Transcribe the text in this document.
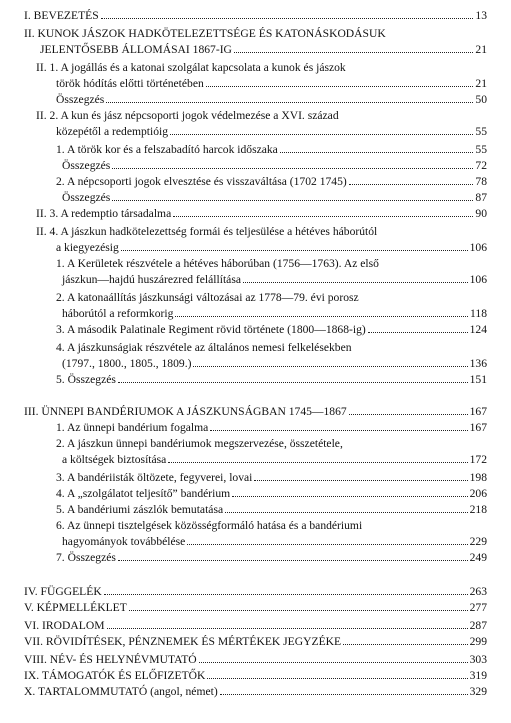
I. BEVEZETÉS	13
II. KUNOK JÁSZOK HADKÖTELEZETTSÉGE ÉS KATONÁSKODÁSUK
JELENTŐSEBB ÁLLOMÁSAI 1867-IG	21
II. 1. A jogállás és a katonai szolgálat kapcsolata a kunok és jászok
török hódítás előtti történetében	21
Összegzés	50
II. 2. A kun és jász népcsoporti jogok védelmezése a XVI. század
közepétől a redemptióig	55
1. A török kor és a felszabadító harcok időszaka	55
Összegzés	72
2. A népcsoporti jogok elvesztése és visszaváltása (1702 1745)	78
Összegzés	87
II. 3. A redemptio társadalma	90
II. 4. A jászkun hadkötelezettség formái és teljesülése a hétéves háborútól
a kiegyezésig	106
1. A Kerületek részvétele a hétéves háborúban (1756—1763). Az első
jászkun—hajdú huszárezred felállítása	106
2. A katonaállítás jászkunsági változásai az 1778—79. évi porosz
háborútól a reformkorig	118
3. A második Palatinale Regiment rövid története (1800—1868-ig)	124
4. A jászkunságiak részvétele az általános nemesi felkelésekben
(1797., 1800., 1805., 1809.)	136
5. Összegzés	151
III. ÜNNEPI BANDÉRIUMOK A JÁSZKUNSÁGBAN 1745—1867	167
1. Az ünnepi bandérium fogalma	167
2. A jászkun ünnepi bandériumok megszervezése, összetétele,
a költségek biztosítása	172
3. A bandériisták öltözete, fegyverei, lovai	198
4. A „szolgálatot teljesítő” bandérium	206
5. A bandériumi zászlók bemutatása	218
6. Az ünnepi tisztelgések közösségformáló hatása és a bandériumi
hagyományok továbbélése	229
7. Összegzés	249
IV. FÜGGELÉK	263
V. KÉPMELLÉKLET	277
VI. IRODALOM	287
VII. RÖVIDÍTÉSEK, PÉNZNEMEK ÉS MÉRTÉKEK JEGYZÉKE	299
VIII. NÉV- ÉS HELYNÉVMUTATÓ	303
IX. TÁMOGATÓK ÉS ELŐFIZETŐK	319
X. TARTALOMMUTATÓ (angol, német)	329
